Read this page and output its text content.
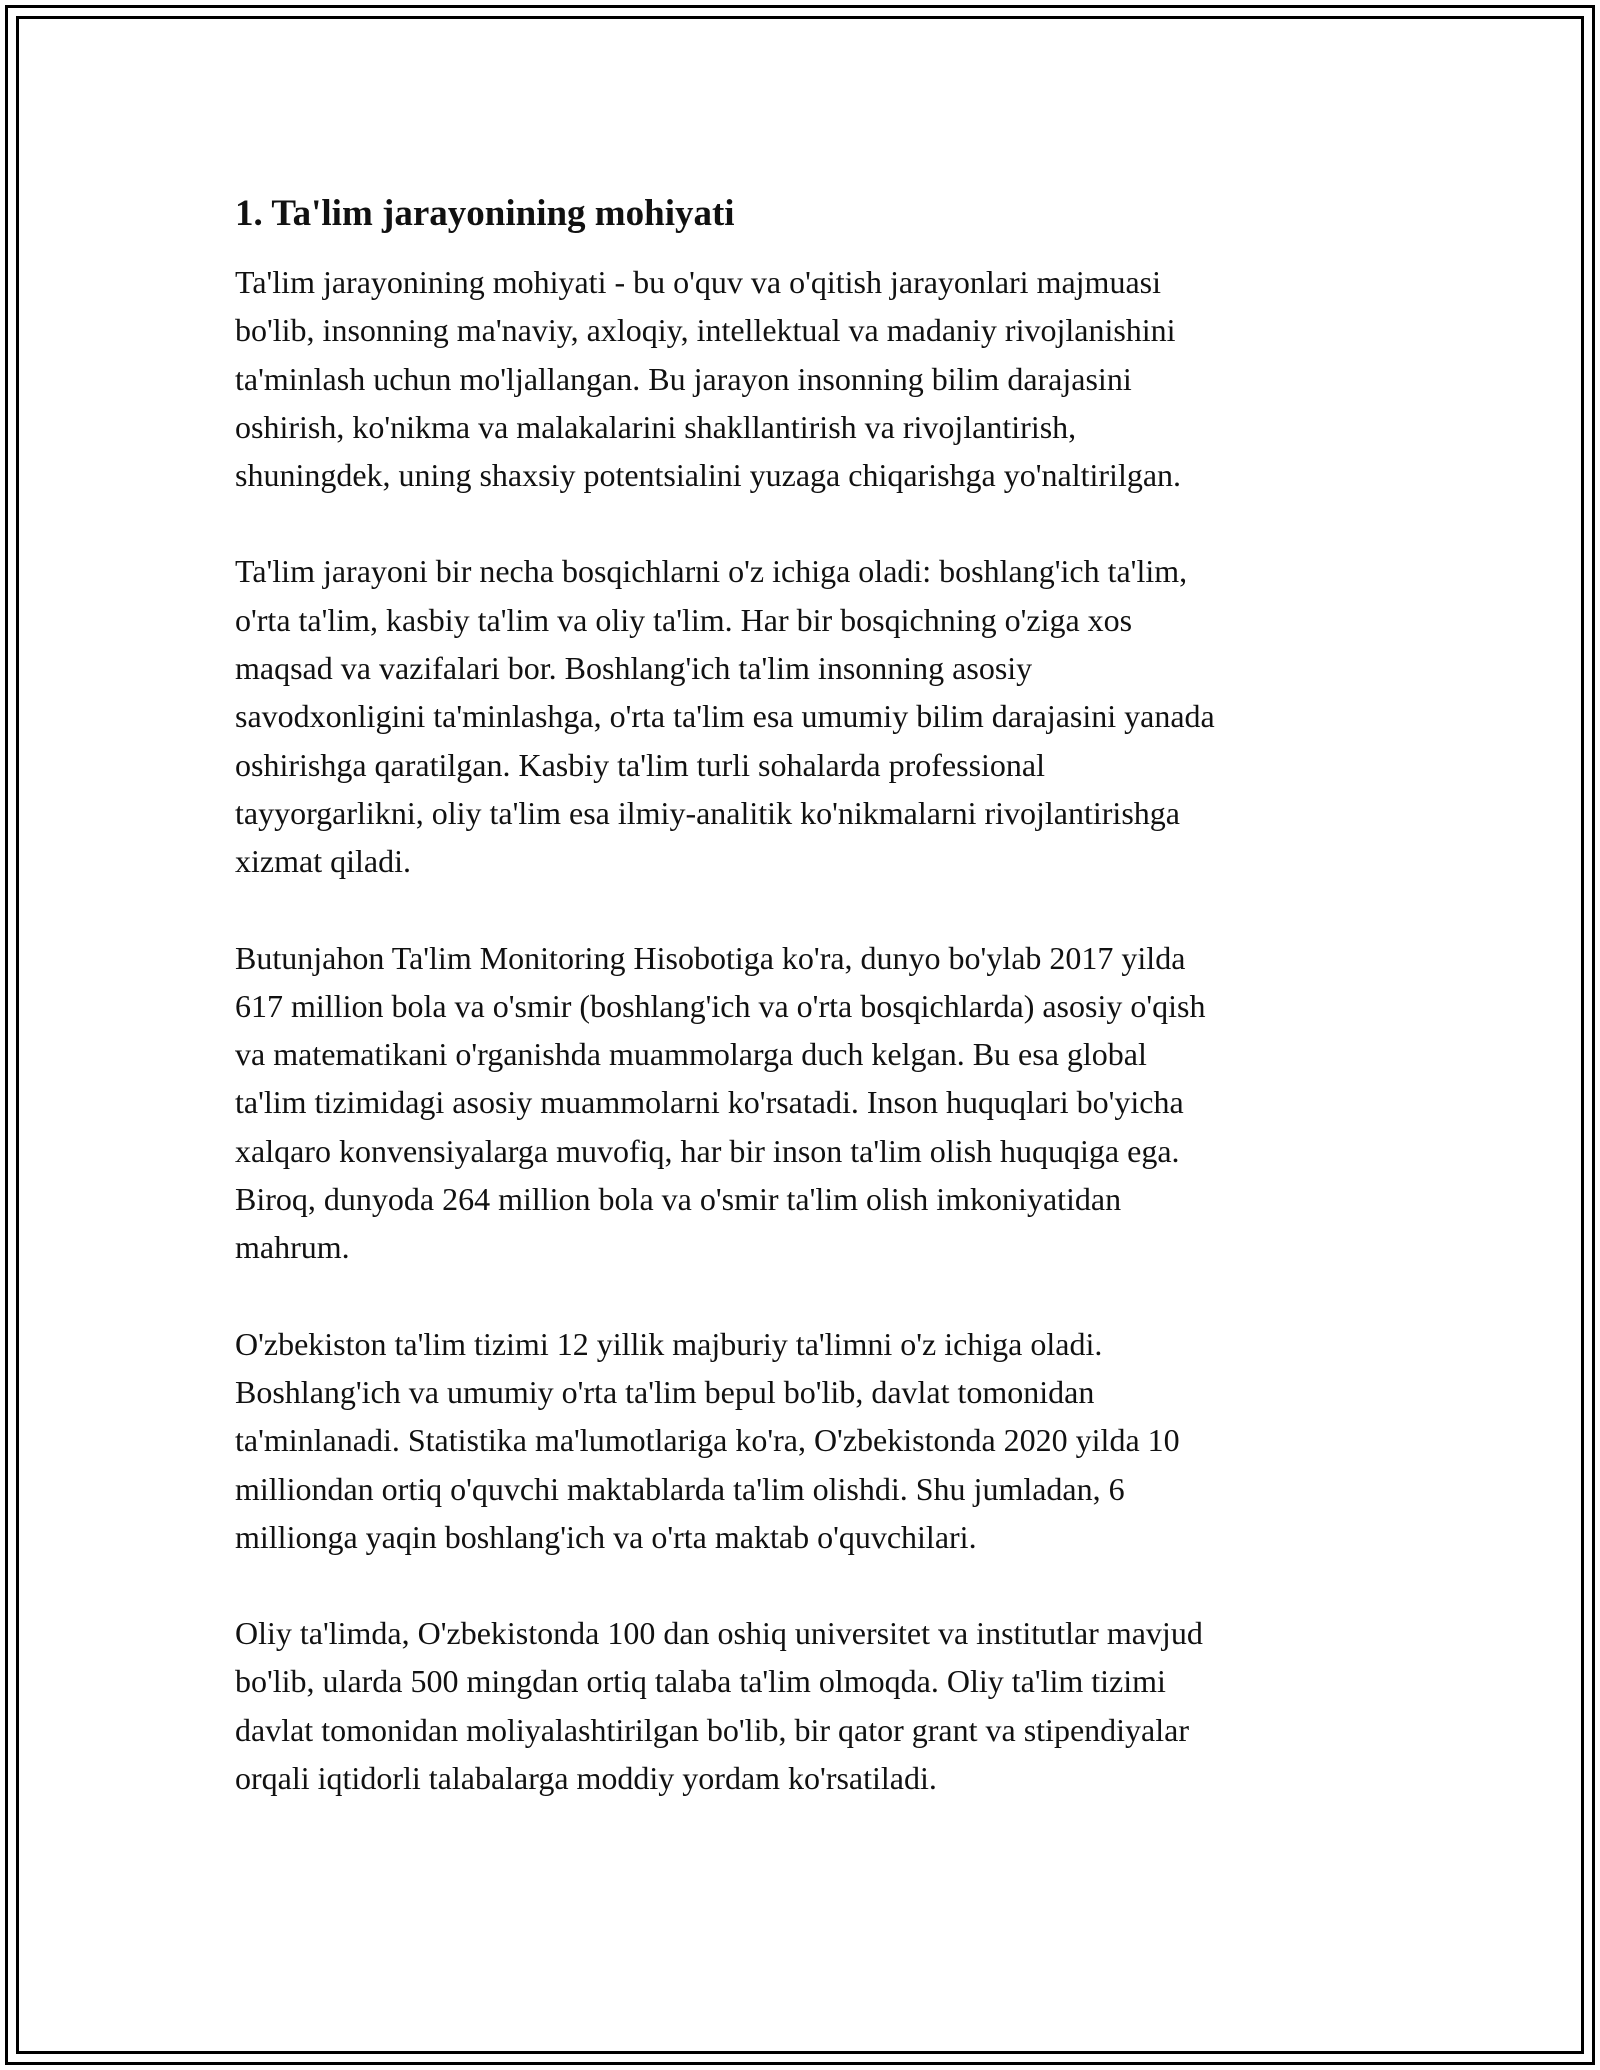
1. Ta'lim jarayonining mohiyati

Ta'lim jarayonining mohiyati - bu o'quv va o'qitish jarayonlari majmuasi
bo'lib, insonning ma'naviy, axloqiy, intellektual va madaniy rivojlanishini
ta'minlash uchun mo'ljallangan. Bu jarayon insonning bilim darajasini
oshirish, ko'nikma va malakalarini shakllantirish va rivojlantirish,
shuningdek, uning shaxsiy potentsialini yuzaga chiqarishga yo'naltirilgan.

Ta'lim jarayoni bir necha bosqichlarni o'z ichiga oladi: boshlang'ich ta'lim,
o'rta ta'lim, kasbiy ta'lim va oliy ta'lim. Har bir bosqichning o'ziga xos
maqsad va vazifalari bor. Boshlang'ich ta'lim insonning asosiy
savodxonligini ta'minlashga, o'rta ta'lim esa umumiy bilim darajasini yanada
oshirishga qaratilgan. Kasbiy ta'lim turli sohalarda professional
tayyorgarlikni, oliy ta'lim esa ilmiy-analitik ko'nikmalarni rivojlantirishga
xizmat qiladi.

Butunjahon Ta'lim Monitoring Hisobotiga ko'ra, dunyo bo'ylab 2017 yilda
617 million bola va o'smir (boshlang'ich va o'rta bosqichlarda) asosiy o'qish
va matematikani o'rganishda muammolarga duch kelgan. Bu esa global
ta'lim tizimidagi asosiy muammolarni ko'rsatadi. Inson huquqlari bo'yicha
xalqaro konvensiyalarga muvofiq, har bir inson ta'lim olish huquqiga ega.
Biroq, dunyoda 264 million bola va o'smir ta'lim olish imkoniyatidan
mahrum.

O'zbekiston ta'lim tizimi 12 yillik majburiy ta'limni o'z ichiga oladi.
Boshlang'ich va umumiy o'rta ta'lim bepul bo'lib, davlat tomonidan
ta'minlanadi. Statistika ma'lumotlariga ko'ra, O'zbekistonda 2020 yilda 10
milliondan ortiq o'quvchi maktablarda ta'lim olishdi. Shu jumladan, 6
millionga yaqin boshlang'ich va o'rta maktab o'quvchilari.

Oliy ta'limda, O'zbekistonda 100 dan oshiq universitet va institutlar mavjud
bo'lib, ularda 500 mingdan ortiq talaba ta'lim olmoqda. Oliy ta'lim tizimi
davlat tomonidan moliyalashtirilgan bo'lib, bir qator grant va stipendiyalar
orqali iqtidorli talabalarga moddiy yordam ko'rsatiladi.
